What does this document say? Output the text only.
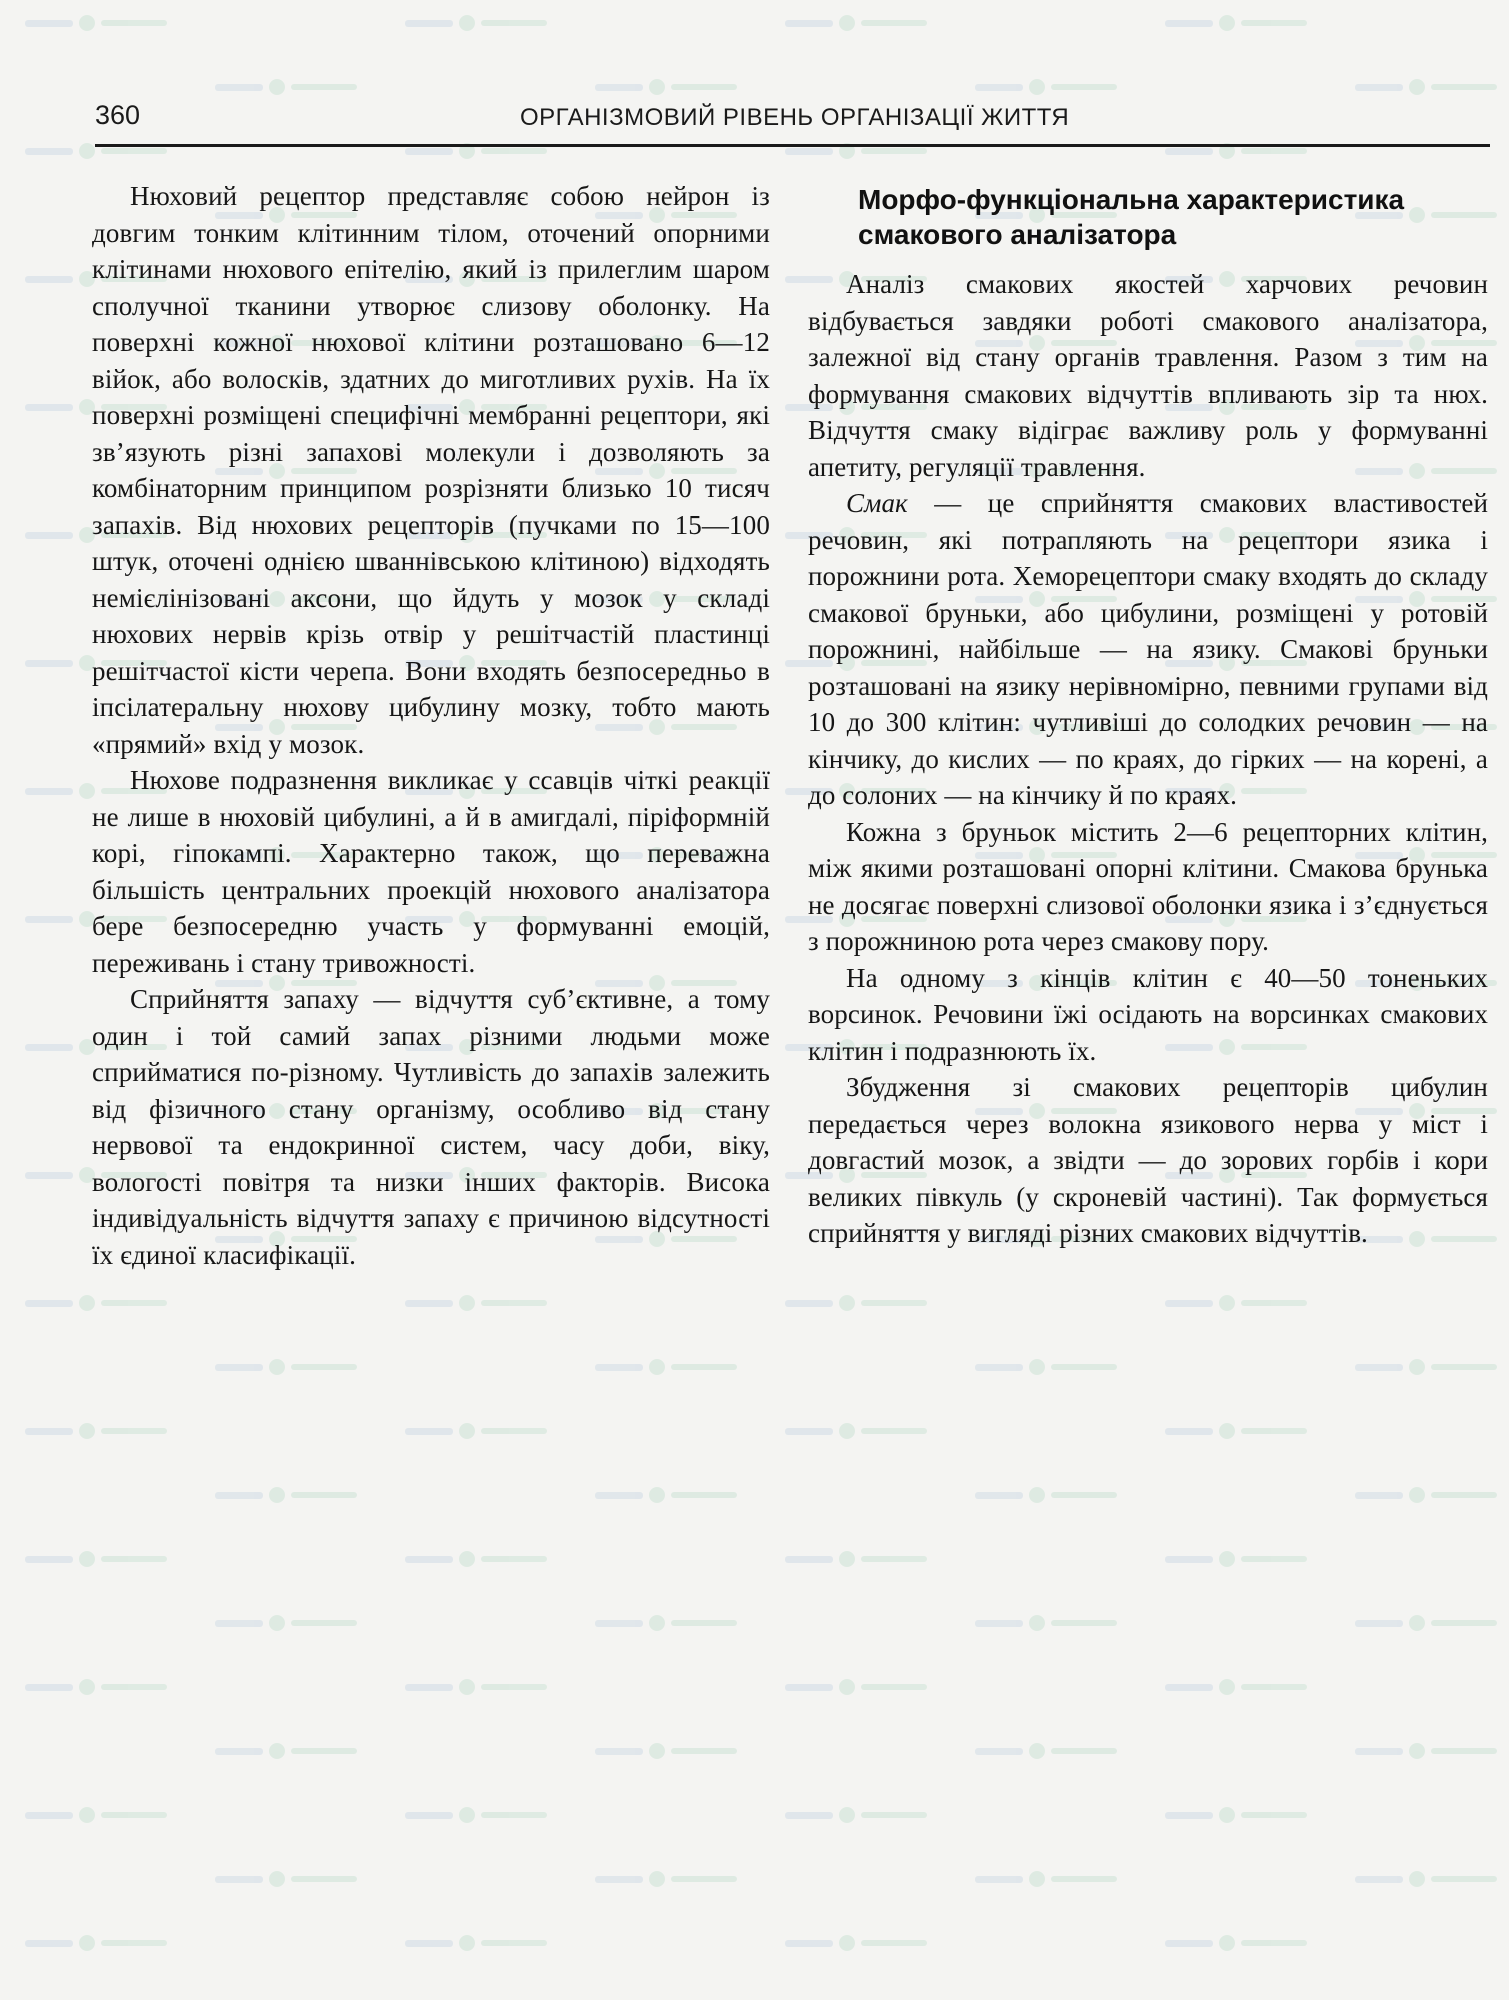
360	ОРГАНІЗМОВИЙ РІВЕНЬ ОРГАНІЗАЦІЇ ЖИТТЯ

Нюховий рецептор представляє собою нейрон із довгим тонким клітинним тілом, оточений опорними клітинами нюхового епітелію, який із прилеглим шаром сполучної тканини утворює слизову оболонку. На поверхні кожної нюхової клітини розташовано 6—12 війок, або волосків, здатних до миготливих рухів. На їх поверхні розміщені специфічні мембранні рецептори, які зв’язують різні запахові молекули і дозволяють за комбінаторним принципом розрізняти близько 10 тисяч запахів. Від нюхових рецепторів (пучками по 15—100 штук, оточені однією шваннівською клітиною) відходять немієлінізовані аксони, що йдуть у мозок у складі нюхових нервів крізь отвір у решітчастій пластинці решітчастої кісти черепа. Вони входять безпосередньо в іпсілатеральну нюхову цибулину мозку, тобто мають «прямий» вхід у мозок.

Нюхове подразнення викликає у ссавців чіткі реакції не лише в нюховій цибулині, а й в амигдалі, піріформній корі, гіпокампі. Характерно також, що переважна більшість центральних проекцій нюхового аналізатора бере безпосередню участь у формуванні емоцій, переживань і стану тривожності.

Сприйняття запаху — відчуття суб’єктивне, а тому один і той самий запах різними людьми може сприйматися по-різному. Чутливість до запахів залежить від фізичного стану організму, особливо від стану нервової та ендокринної систем, часу доби, віку, вологості повітря та низки інших факторів. Висока індивідуальність відчуття запаху є причиною відсутності їх єдиної класифікації.

Морфо-функціональна характеристика смакового аналізатора

Аналіз смакових якостей харчових речовин відбувається завдяки роботі смакового аналізатора, залежної від стану органів травлення. Разом з тим на формування смакових відчуттів впливають зір та нюх. Відчуття смаку відіграє важливу роль у формуванні апетиту, регуляції травлення.

Смак — це сприйняття смакових властивостей речовин, які потрапляють на рецептори язика і порожнини рота. Хеморецептори смаку входять до складу смакової бруньки, або цибулини, розміщені у ротовій порожнині, найбільше — на язику. Смакові бруньки розташовані на язику нерівномірно, певними групами від 10 до 300 клітин: чутливіші до солодких речовин — на кінчику, до кислих — по краях, до гірких — на корені, а до солоних — на кінчику й по краях.

Кожна з бруньок містить 2—6 рецепторних клітин, між якими розташовані опорні клітини. Смакова брунька не досягає поверхні слизової оболонки язика і з’єднується з порожниною рота через смакову пору.

На одному з кінців клітин є 40—50 тоненьких ворсинок. Речовини їжі осідають на ворсинках смакових клітин і подразнюють їх.

Збудження зі смакових рецепторів цибулин передається через волокна язикового нерва у міст і довгастий мозок, а звідти — до зорових горбів і кори великих півкуль (у скроневій частині). Так формується сприйняття у вигляді різних смакових відчуттів.
